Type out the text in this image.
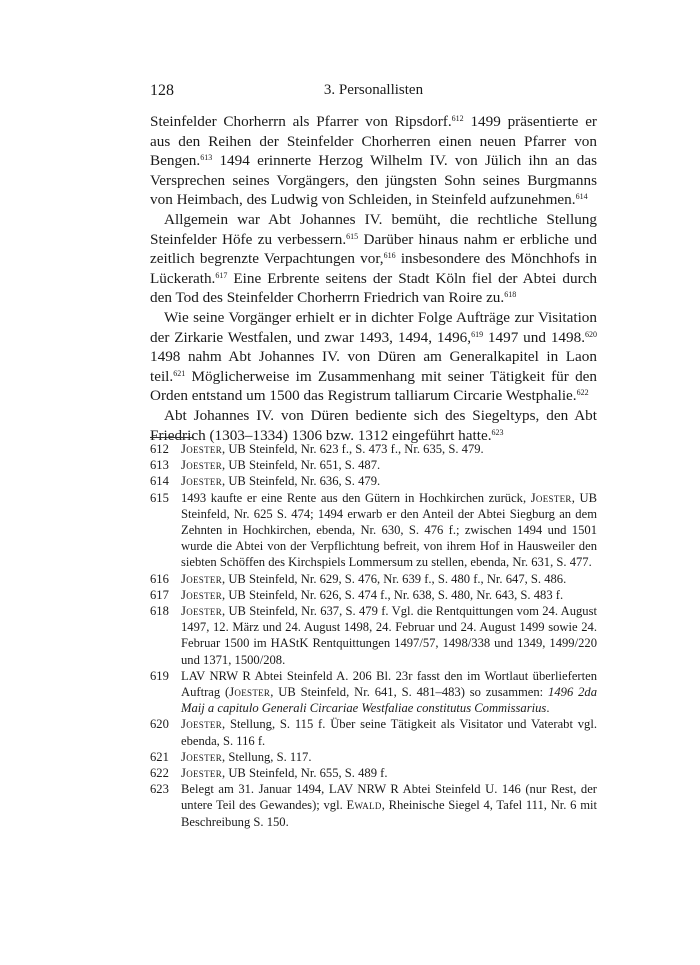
128	3. Personallisten

Steinfelder Chorherrn als Pfarrer von Ripsdorf.$^{612}$ 1499 präsentierte er aus den Reihen der Steinfelder Chorherren einen neuen Pfarrer von Bengen.$^{613}$ 1494 erinnerte Herzog Wilhelm IV. von Jülich ihn an das Versprechen seines Vorgängers, den jüngsten Sohn seines Burgmanns von Heimbach, des Ludwig von Schleiden, in Steinfeld aufzunehmen.$^{614}$

Allgemein war Abt Johannes IV. bemüht, die rechtliche Stellung Steinfelder Höfe zu verbessern.$^{615}$ Darüber hinaus nahm er erbliche und zeitlich begrenzte Verpachtungen vor,$^{616}$ insbesondere des Mönchhofs in Lückerath.$^{617}$ Eine Erbrente seitens der Stadt Köln fiel der Abtei durch den Tod des Steinfelder Chorherrn Friedrich van Roire zu.$^{618}$

Wie seine Vorgänger erhielt er in dichter Folge Aufträge zur Visitation der Zirkarie Westfalen, und zwar 1493, 1494, 1496,$^{619}$ 1497 und 1498.$^{620}$ 1498 nahm Abt Johannes IV. von Düren am Generalkapitel in Laon teil.$^{621}$ Möglicherweise im Zusammenhang mit seiner Tätigkeit für den Orden entstand um 1500 das Registrum talliarum Circarie Westphalie.$^{622}$

Abt Johannes IV. von Düren bediente sich des Siegeltyps, den Abt Friedrich (1303–1334) 1306 bzw. 1312 eingeführt hatte.$^{623}$

612 Joester, UB Steinfeld, Nr. 623 f., S. 473 f., Nr. 635, S. 479.
613 Joester, UB Steinfeld, Nr. 651, S. 487.
614 Joester, UB Steinfeld, Nr. 636, S. 479.
615 1493 kaufte er eine Rente aus den Gütern in Hochkirchen zurück, Joester, UB Steinfeld, Nr. 625 S. 474; 1494 erwarb er den Anteil der Abtei Siegburg an dem Zehnten in Hochkirchen, ebenda, Nr. 630, S. 476 f.; zwischen 1494 und 1501 wurde die Abtei von der Verpflichtung befreit, von ihrem Hof in Hausweiler den siebten Schöffen des Kirchspiels Lommersum zu stellen, ebenda, Nr. 631, S. 477.
616 Joester, UB Steinfeld, Nr. 629, S. 476, Nr. 639 f., S. 480 f., Nr. 647, S. 486.
617 Joester, UB Steinfeld, Nr. 626, S. 474 f., Nr. 638, S. 480, Nr. 643, S. 483 f.
618 Joester, UB Steinfeld, Nr. 637, S. 479 f. Vgl. die Rentquittungen vom 24. August 1497, 12. März und 24. August 1498, 24. Februar und 24. August 1499 sowie 24. Februar 1500 im HAStK Rentquittungen 1497/57, 1498/338 und 1349, 1499/220 und 1371, 1500/208.
619 LAV NRW R Abtei Steinfeld A. 206 Bl. 23r fasst den im Wortlaut überlieferten Auftrag (Joester, UB Steinfeld, Nr. 641, S. 481–483) so zusammen: 1496 2da Maij a capitulo Generali Circariae Westfaliae constitutus Commissarius.
620 Joester, Stellung, S. 115 f. Über seine Tätigkeit als Visitator und Vaterabt vgl. ebenda, S. 116 f.
621 Joester, Stellung, S. 117.
622 Joester, UB Steinfeld, Nr. 655, S. 489 f.
623 Belegt am 31. Januar 1494, LAV NRW R Abtei Steinfeld U. 146 (nur Rest, der untere Teil des Gewandes); vgl. Ewald, Rheinische Siegel 4, Tafel 111, Nr. 6 mit Beschreibung S. 150.
